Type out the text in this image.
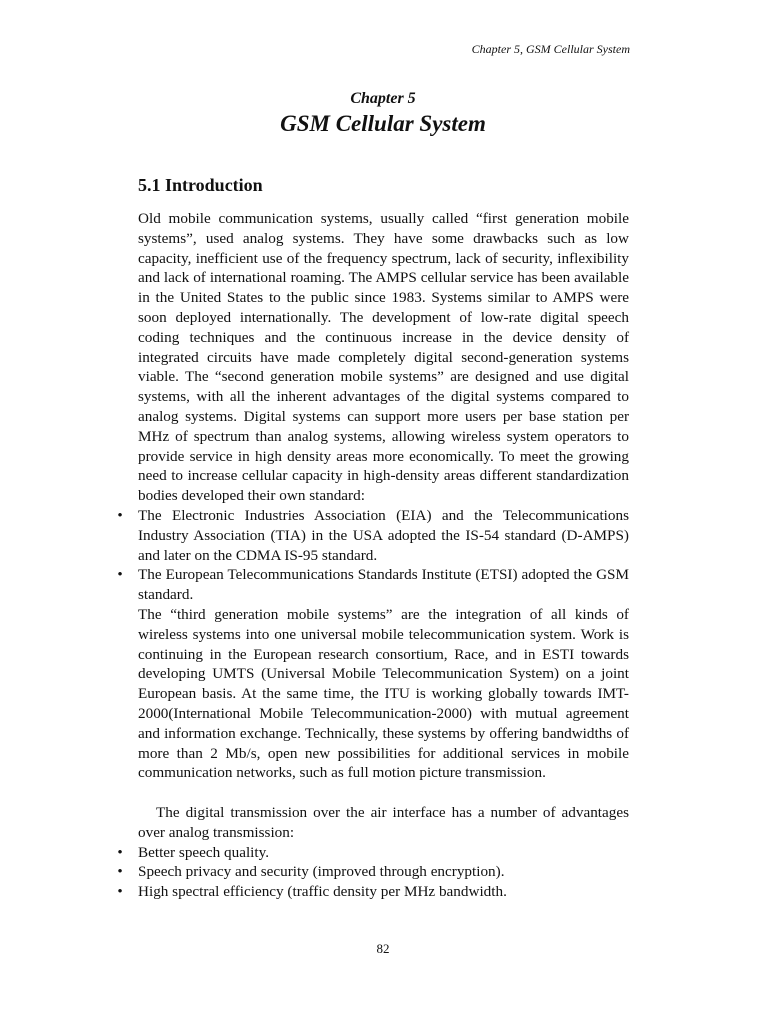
Chapter 5, GSM Cellular System
Chapter 5
GSM Cellular System
5.1 Introduction

Old mobile communication systems, usually called “first generation mobile systems”, used analog systems. They have some drawbacks such as low capacity, inefficient use of the frequency spectrum, lack of security, inflexibility and lack of international roaming. The AMPS cellular service has been available in the United States to the public since 1983. Systems similar to AMPS were soon deployed internationally. The development of low-rate digital speech coding techniques and the continuous increase in the device density of integrated circuits have made completely digital second-generation systems viable. The “second generation mobile systems” are designed and use digital systems, with all the inherent advantages of the digital systems compared to analog systems. Digital systems can support more users per base station per MHz of spectrum than analog systems, allowing wireless system operators to provide service in high density areas more economically. To meet the growing need to increase cellular capacity in high-density areas different standardization bodies developed their own standard:

• The Electronic Industries Association (EIA) and the Telecommunications Industry Association (TIA) in the USA adopted the IS-54 standard (D-AMPS) and later on the CDMA IS-95 standard.
• The European Telecommunications Standards Institute (ETSI) adopted the GSM standard.

The “third generation mobile systems” are the integration of all kinds of wireless systems into one universal mobile telecommunication system. Work is continuing in the European research consortium, Race, and in ESTI towards developing UMTS (Universal Mobile Telecommunication System) on a joint European basis. At the same time, the ITU is working globally towards IMT-2000(International Mobile Telecommunication-2000) with mutual agreement and information exchange. Technically, these systems by offering bandwidths of more than 2 Mb/s, open new possibilities for additional services in mobile communication networks, such as full motion picture transmission.

The digital transmission over the air interface has a number of advantages over analog transmission:

• Better speech quality.
• Speech privacy and security (improved through encryption).
• High spectral efficiency (traffic density per MHz bandwidth.
82
